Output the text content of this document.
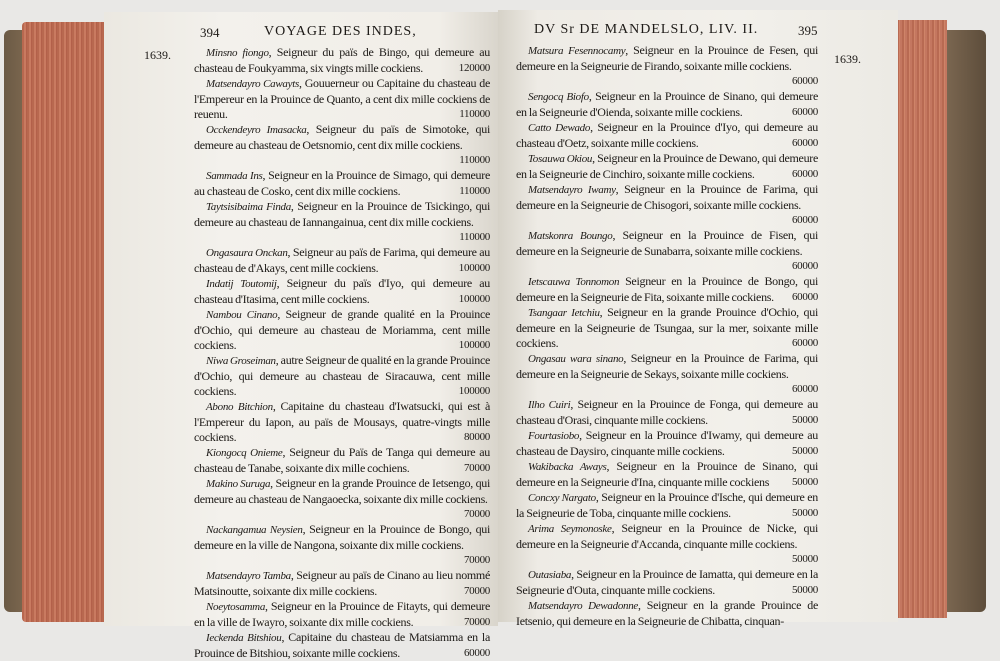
394	VOYAGE DES INDES,
1639.	Minsno fiongo, Seigneur du païs de Bingo, qui demeure au chasteau de Foukyamma, six vingts mille cockiens.	120000

Matsendayro Cawayts, Gouuerneur ou Capitaine du chasteau de l'Empereur en la Prouince de Quanto, a cent dix mille cockiens de reuenu.	110000

Occkendeyro Imasacka, Seigneur du païs de Simotoke, qui demeure au chasteau de Oetsnomio, cent dix mille cockiens.
110000

Sammada Ins, Seigneur en la Prouince de Simago, qui demeure au chasteau de Cosko, cent dix mille cockiens.	110000

Taytsisibaima Finda, Seigneur en la Prouince de Tsickingo, qui demeure au chasteau de Iannangainua, cent dix mille cockiens.
110000

Ongasaura Onckan, Seigneur au païs de Farima, qui demeure au chasteau de d'Akays, cent mille cockiens.	100000

Indatij Toutomij, Seigneur du païs d'Iyo, qui demeure au chasteau d'Itasima, cent mille cockiens.	100000

Nambou Cinano, Seigneur de grande qualité en la Prouince d'Ochio, qui demeure au chasteau de Moriamma, cent mille cockiens.	100000

Niwa Groseiman, autre Seigneur de qualité en la grande Prouince d'Ochio, qui demeure au chasteau de Siracauwa, cent mille cockiens.	100000

Abono Bitchion, Capitaine du chasteau d'Iwatsucki, qui est à l'Empereur du Iapon, au païs de Mousays, quatre-vingts mille cockiens.	80000

Kiongocq Onieme, Seigneur du Païs de Tanga qui demeure au chasteau de Tanabe, soixante dix mille cochiens.	70000

Makino Suruga, Seigneur en la grande Prouince de Ietsengo, qui demeure au chasteau de Nangaoecka, soixante dix mille cockiens.
70000

Nackangamua Neysien, Seigneur en la Prouince de Bongo, qui demeure en la ville de Nangona, soixante dix mille cockiens.
70000

Matsendayro Tamba, Seigneur au païs de Cinano au lieu nommé Matsinoutte, soixante dix mille cockiens.	70000

Noeytosamma, Seigneur en la Prouince de Fitayts, qui demeure en la ville de Iwayro, soixante dix mille cockiens.	70000

Ieckenda Bitshiou, Capitaine du chasteau de Matsiamma en la Prouince de Bitshiou, soixante mille cockiens.	60000

DV Sr DE MANDELSLO, LIV. II.	395
1639.

Matsura Fesennocamy, Seigneur en la Prouince de Fesen, qui demeure en la Seigneurie de Firando, soixante mille cockiens.
60000

Sengocq Biofo, Seigneur en la Prouince de Sinano, qui demeure en la Seigneurie d'Oienda, soixante mille cockiens.	60000

Catto Dewado, Seigneur en la Prouince d'Iyo, qui demeure au chasteau d'Oetz, soixante mille cockiens.	60000

Tosauwa Okiou, Seigneur en la Prouince de Dewano, qui demeure en la Seigneurie de Cinchiro, soixante mille cockiens.	60000

Matsendayro Iwamy, Seigneur en la Prouince de Farima, qui demeure en la Seigneurie de Chisogori, soixante mille cockiens.
60000

Matskonra Boungo, Seigneur en la Prouince de Fisen, qui demeure en la Seigneurie de Sunabarra, soixante mille cockiens.
60000

Ietscauwa Tonnomon Seigneur en la Prouince de Bongo, qui demeure en la Seigneurie de Fita, soixante mille cockiens. 60000

Tsangaar Ietchiu, Seigneur en la grande Prouince d'Ochio, qui demeure en la Seigneurie de Tsungaa, sur la mer, soixante mille cockiens.	60000

Ongasau wara sinano, Seigneur en la Prouince de Farima, qui demeure en la Seigneurie de Sekays, soixante mille cockiens.
60000

Ilho Cuiri, Seigneur en la Prouince de Fonga, qui demeure au chasteau d'Orasi, cinquante mille cockiens.	50000

Fourtasiobo, Seigneur en la Prouince d'Iwamy, qui demeure au chasteau de Daysiro, cinquante mille cockiens.	50000

Wakibacka Aways, Seigneur en la Prouince de Sinano, qui demeure en la Seigneurie d'Ina, cinquante mille cockiens 50000

Concxy Nargato, Seigneur en la Prouince d'Ische, qui demeure en la Seigneurie de Toba, cinquante mille cockiens.	50000

Arima Seymonoske, Seigneur en la Prouince de Nicke, qui demeure en la Seigneurie d'Accanda, cinquante mille cockiens.
50000

Outasiaba, Seigneur en la Prouince de Iamatta, qui demeure en la Seigneurie d'Outa, cinquante mille cockiens.	50000

Matsendayro Dewadonne, Seigneur en la grande Prouince de Ietsenio, qui demeure en la Seigneurie de Chibatta, cinquan-
